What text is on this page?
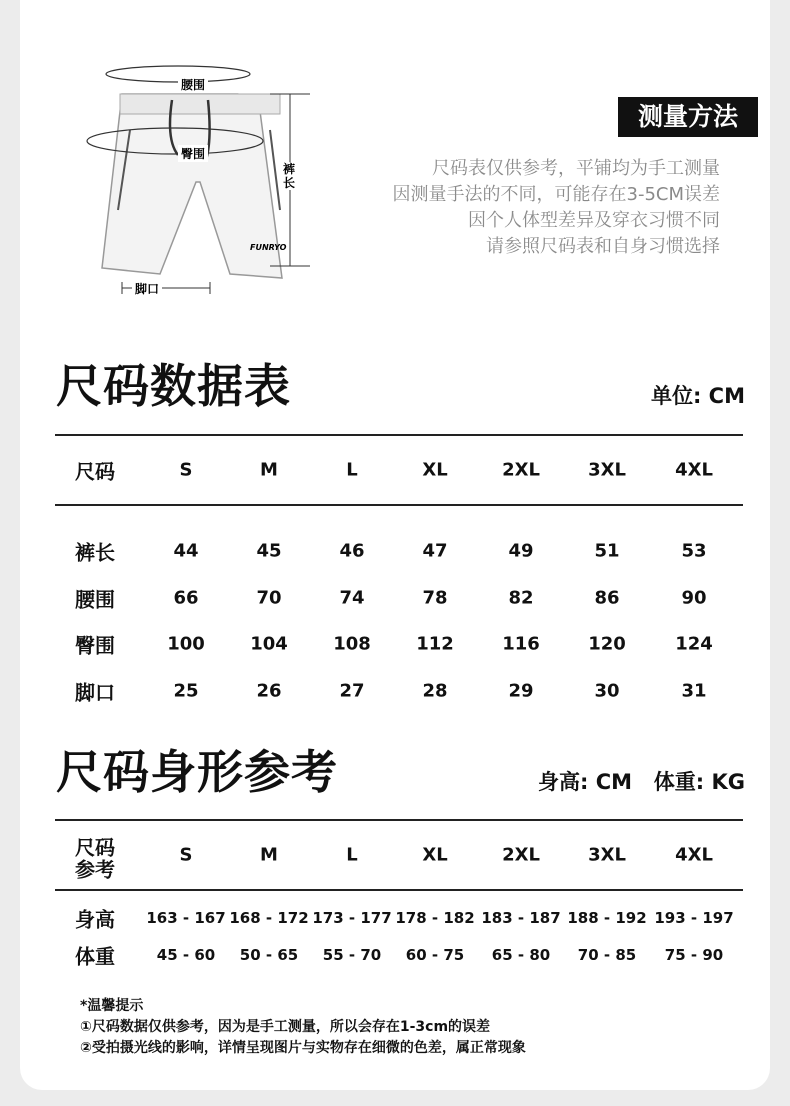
腰围
臀围
裤长
脚口
FUNRYO
测量方法
尺码表仅供参考，平铺均为手工测量
因测量手法的不同，可能存在3-5CM误差
因个人体型差异及穿衣习惯不同
请参照尺码表和自身习惯选择
尺码数据表	单位: CM
尺码	S	M	L	XL	2XL	3XL	4XL
裤长	44	45	46	47	49	51	53
腰围	66	70	74	78	82	86	90
臀围	100	104	108	112	116	120	124
脚口	25	26	27	28	29	30	31
尺码身形参考	身高: CM 体重: KG
尺码
参考
S	M	L	XL	2XL	3XL	4XL
身高 163 - 167 168 - 172 173 - 177 178 - 182 183 - 187 188 - 192 193 - 197
体重	45 - 60 50 - 65 55 - 70 60 - 75 65 - 80 70 - 85 75 - 90
*温馨提示
①尺码数据仅供参考，因为是手工测量，所以会存在1-3cm的误差
②受拍摄光线的影响，详情呈现图片与实物存在细微的色差，属正常现象
